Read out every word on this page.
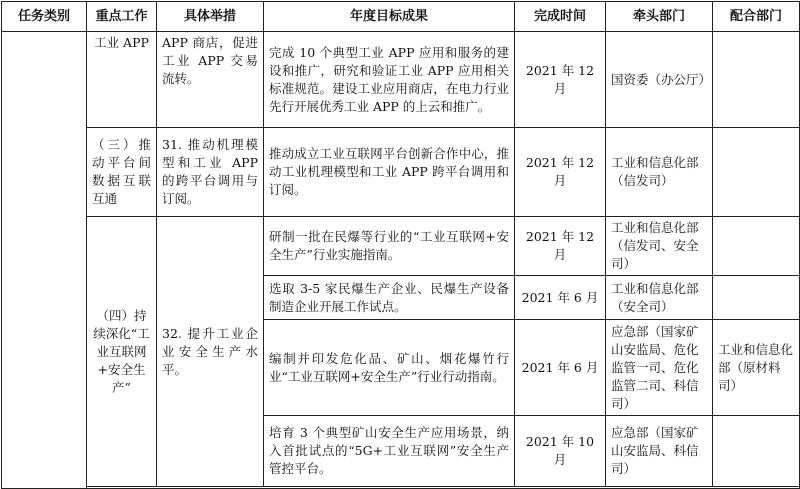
任务类别	重点工作	具体举措	年度目标成果	完成时间	牵头部门	配合部门
	工业 APP	APP 商店，促进工业 APP 交易流转。	完成 10 个典型工业 APP 应用和服务的建设和推广，研究和验证工业 APP 应用相关标准规范。建设工业应用商店，在电力行业先行开展优秀工业 APP 的上云和推广。	2021 年 12 月	国资委（办公厅）	
	（三）推动平台间数据互联互通	31. 推动机理模型和工业 APP 的跨平台调用与订阅。	推动成立工业互联网平台创新合作中心，推动工业机理模型和工业 APP 跨平台调用和订阅。	2021 年 12 月	工业和信息化部（信发司）	
	（四）持续深化“工业互联网+安全生产”	32. 提升工业企业安全生产水平。	研制一批在民爆等行业的“工业互联网+安全生产”行业实施指南。	2021 年 12 月	工业和信息化部（信发司、安全司）	
			选取 3-5 家民爆生产企业、民爆生产设备制造企业开展工作试点。	2021 年 6 月	工业和信息化部（安全司）	
			编制并印发危化品、矿山、烟花爆竹行业“工业互联网+安全生产”行业行动指南。	2021 年 6 月	应急部（国家矿山安监局、危化监管一司、危化监管二司、科信司）	工业和信息化部（原材料司）
			培育 3 个典型矿山安全生产应用场景，纳入首批试点的“5G+工业互联网”安全生产管控平台。	2021 年 10 月	应急部（国家矿山安监局、科信司）	
